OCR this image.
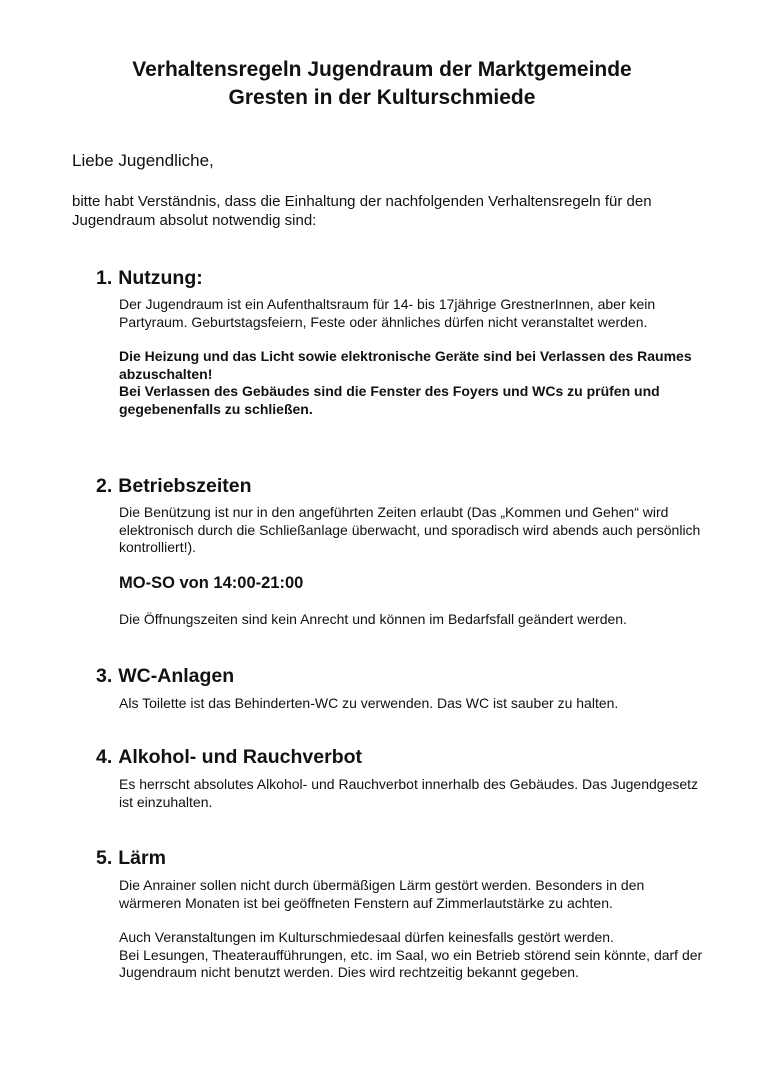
Verhaltensregeln Jugendraum der Marktgemeinde
Gresten in der Kulturschmiede

Liebe Jugendliche,

bitte habt Verständnis, dass die Einhaltung der nachfolgenden Verhaltensregeln für den Jugendraum absolut notwendig sind:

1. Nutzung:

Der Jugendraum ist ein Aufenthaltsraum für 14- bis 17jährige GrestnerInnen, aber kein Partyraum. Geburtstagsfeiern, Feste oder ähnliches dürfen nicht veranstaltet werden.

Die Heizung und das Licht sowie elektronische Geräte sind bei Verlassen des Raumes abzuschalten!

Bei Verlassen des Gebäudes sind die Fenster des Foyers und WCs zu prüfen und gegebenenfalls zu schließen.

2. Betriebszeiten

Die Benützung ist nur in den angeführten Zeiten erlaubt (Das „Kommen und Gehen“ wird elektronisch durch die Schließanlage überwacht, und sporadisch wird abends auch persönlich kontrolliert!).

MO-SO von 14:00-21:00

Die Öffnungszeiten sind kein Anrecht und können im Bedarfsfall geändert werden.

3. WC-Anlagen

Als Toilette ist das Behinderten-WC zu verwenden. Das WC ist sauber zu halten.

4. Alkohol- und Rauchverbot

Es herrscht absolutes Alkohol- und Rauchverbot innerhalb des Gebäudes. Das Jugendgesetz ist einzuhalten.

5. Lärm

Die Anrainer sollen nicht durch übermäßigen Lärm gestört werden. Besonders in den wärmeren Monaten ist bei geöffneten Fenstern auf Zimmerlautstärke zu achten.

Auch Veranstaltungen im Kulturschmiedesaal dürfen keinesfalls gestört werden.

Bei Lesungen, Theateraufführungen, etc. im Saal, wo ein Betrieb störend sein könnte, darf der Jugendraum nicht benutzt werden. Dies wird rechtzeitig bekannt gegeben.
